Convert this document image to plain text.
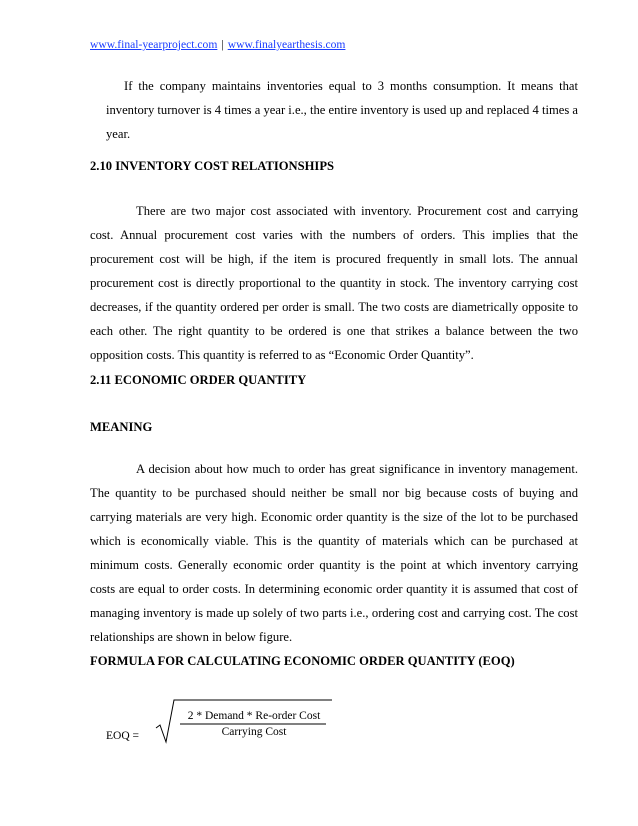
www.final-yearproject.com | www.finalyearthesis.com
If the company maintains inventories equal to 3 months consumption. It means that inventory turnover is 4 times a year i.e., the entire inventory is used up and replaced 4 times a year.
2.10 INVENTORY COST RELATIONSHIPS
There are two major cost associated with inventory. Procurement cost and carrying cost. Annual procurement cost varies with the numbers of orders. This implies that the procurement cost will be high, if the item is procured frequently in small lots. The annual procurement cost is directly proportional to the quantity in stock. The inventory carrying cost decreases, if the quantity ordered per order is small. The two costs are diametrically opposite to each other. The right quantity to be ordered is one that strikes a balance between the two opposition costs. This quantity is referred to as “Economic Order Quantity”.
2.11 ECONOMIC ORDER QUANTITY
MEANING
A decision about how much to order has great significance in inventory management. The quantity to be purchased should neither be small nor big because costs of buying and carrying materials are very high. Economic order quantity is the size of the lot to be purchased which is economically viable. This is the quantity of materials which can be purchased at minimum costs. Generally economic order quantity is the point at which inventory carrying costs are equal to order costs. In determining economic order quantity it is assumed that cost of managing inventory is made up solely of two parts i.e., ordering cost and carrying cost. The cost relationships are shown in below figure.
FORMULA FOR CALCULATING ECONOMIC ORDER QUANTITY (EOQ)
EOQ =
2 * Demand * Re-order Cost
Carrying Cost
